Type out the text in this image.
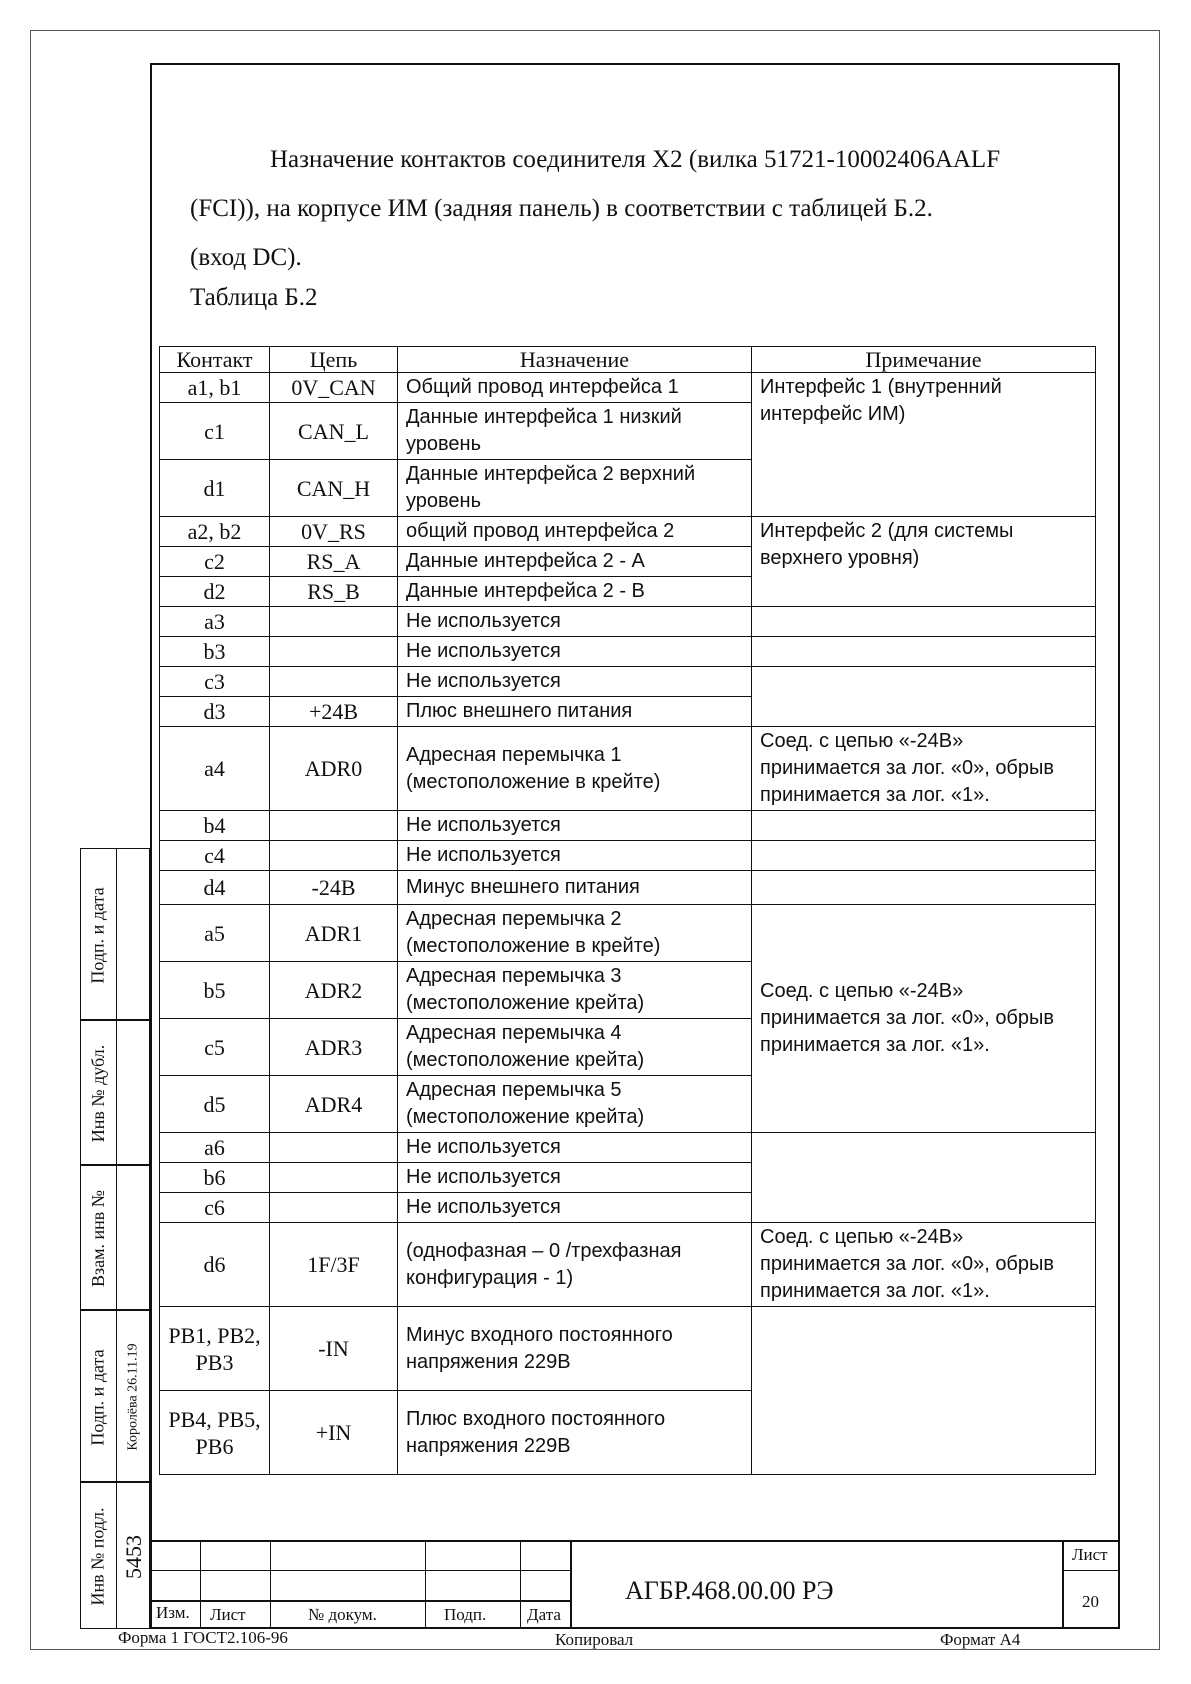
Назначение контактов соединителя X2 (вилка 51721-10002406AALF

(FCI)), на корпусе ИМ (задняя панель) в соответствии с таблицей Б.2.

(вход DC).

Таблица Б.2
Контакт	Цепь	Назначение	Примечание
a1, b1	0V_CAN	Общий провод интерфейса 1	Интерфейс 1 (внутренний интерфейс ИМ)
c1	CAN_L	Данные интерфейса 1 низкий уровень	
d1	CAN_H	Данные интерфейса 2 верхний уровень	
a2, b2	0V_RS	общий провод интерфейса 2	Интерфейс 2 (для системы верхнего уровня)
c2	RS_A	Данные интерфейса 2 - A	
d2	RS_B	Данные интерфейса 2 - B	
a3		Не используется	
b3		Не используется	
c3		Не используется	
d3	+24В	Плюс внешнего питания	
a4	ADR0	Адресная перемычка 1 (местоположение в крейте)	Соед. с цепью «-24В» принимается за лог. «0», обрыв принимается за лог. «1».
b4		Не используется	
c4		Не используется	
d4	-24В	Минус внешнего питания	
a5	ADR1	Адресная перемычка 2 (местоположение в крейте)	Соед. с цепью «-24В» принимается за лог. «0», обрыв принимается за лог. «1».
b5	ADR2	Адресная перемычка 3 (местоположение крейта)	
c5	ADR3	Адресная перемычка 4 (местоположение крейта)	
d5	ADR4	Адресная перемычка 5 (местоположение крейта)	
a6		Не используется	
b6		Не используется	
c6		Не используется	
d6	1F/3F	(однофазная – 0 /трехфазная конфигурация - 1)	Соед. с цепью «-24В» принимается за лог. «0», обрыв принимается за лог. «1».
PB1, PB2, PB3	-IN	Минус входного постоянного напряжения 229В	
PB4, PB5, PB6	+IN	Плюс входного постоянного напряжения 229В	
Подп. и дата
Инв № дубл.
Взам. инв №
Подп. и дата Королёва 26.11.19
Инв № подл. 5453
Изм. Лист	№ докум.	Подп. Дата
АГБР.468.00.00 РЭ
Лист
20
Форма 1 ГОСТ2.106-96	Копировал	Формат А4
